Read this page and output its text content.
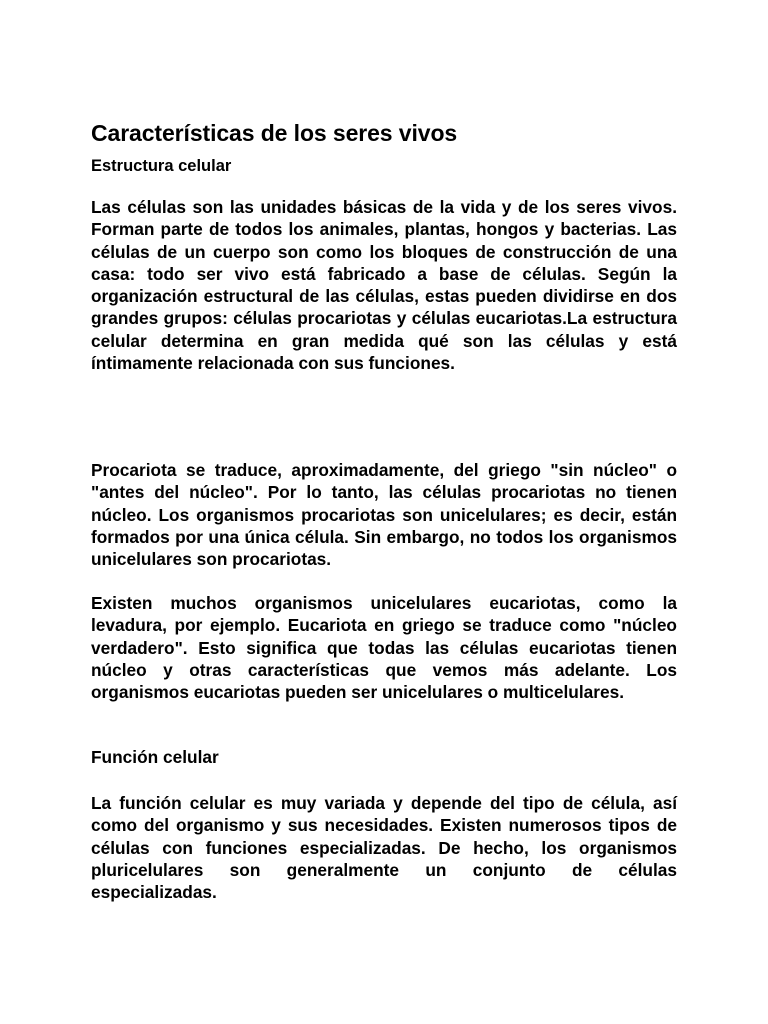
Características de los seres vivos
Estructura celular

Las células son las unidades básicas de la vida y de los seres vivos. Forman parte de todos los animales, plantas, hongos y bacterias. Las células de un cuerpo son como los bloques de construcción de una casa: todo ser vivo está fabricado a base de células. Según la organización estructural de las células, estas pueden dividirse en dos grandes grupos: células procariotas y células eucariotas.La estructura celular determina en gran medida qué son las células y está íntimamente relacionada con sus funciones.

Procariota se traduce, aproximadamente, del griego "sin núcleo" o "antes del núcleo". Por lo tanto, las células procariotas no tienen núcleo. Los organismos procariotas son unicelulares; es decir, están formados por una única célula. Sin embargo, no todos los organismos unicelulares son procariotas.

Existen muchos organismos unicelulares eucariotas, como la levadura, por ejemplo. Eucariota en griego se traduce como "núcleo verdadero". Esto significa que todas las células eucariotas tienen núcleo y otras características que vemos más adelante. Los organismos eucariotas pueden ser unicelulares o multicelulares.

Función celular

La función celular es muy variada y depende del tipo de célula, así como del organismo y sus necesidades. Existen numerosos tipos de células con funciones especializadas. De hecho, los organismos pluricelulares son generalmente un conjunto de células especializadas.
